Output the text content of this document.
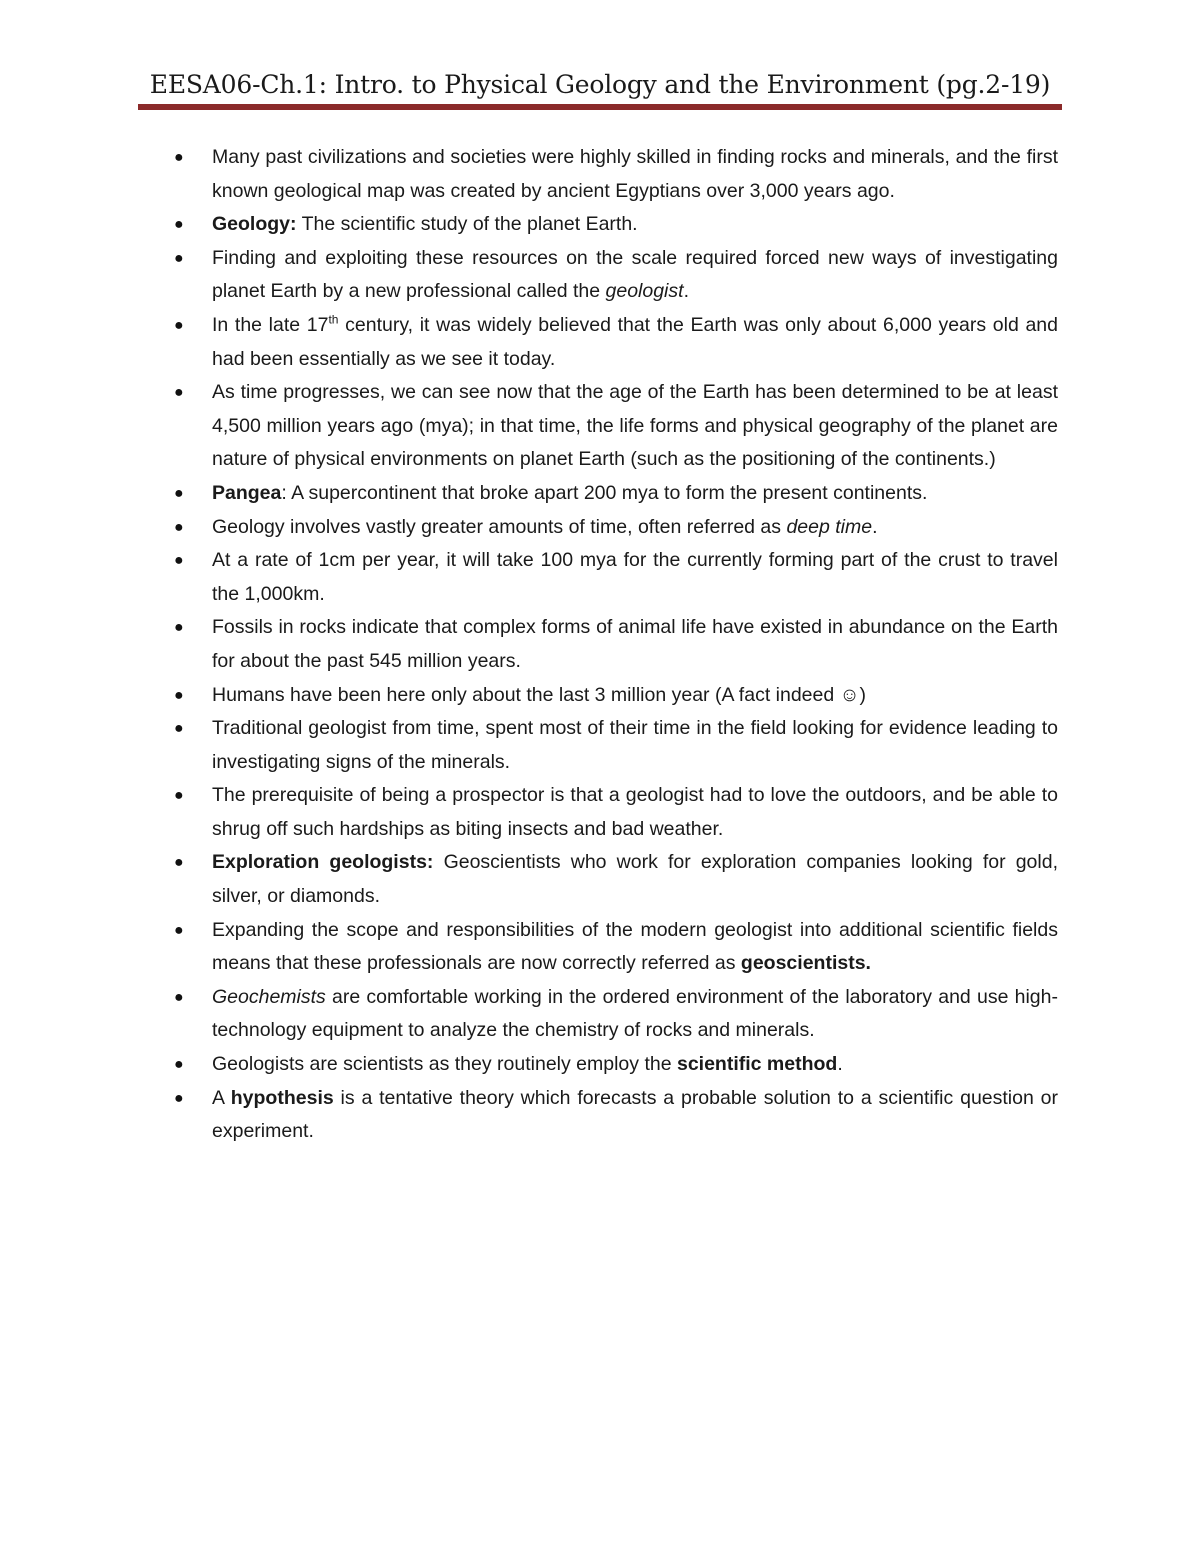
EESA06-Ch.1: Intro. to Physical Geology and the Environment (pg.2-19)
● Many past civilizations and societies were highly skilled in finding rocks and minerals, and the first known geological map was created by ancient Egyptians over 3,000 years ago.
● Geology: The scientific study of the planet Earth.
● Finding and exploiting these resources on the scale required forced new ways of investigating planet Earth by a new professional called the geologist.
● In the late 17th century, it was widely believed that the Earth was only about 6,000 years old and had been essentially as we see it today.
● As time progresses, we can see now that the age of the Earth has been determined to be at least 4,500 million years ago (mya); in that time, the life forms and physical geography of the planet are nature of physical environments on planet Earth (such as the positioning of the continents.)
● Pangea: A supercontinent that broke apart 200 mya to form the present continents.
● Geology involves vastly greater amounts of time, often referred as deep time.
● At a rate of 1cm per year, it will take 100 mya for the currently forming part of the crust to travel the 1,000km.
● Fossils in rocks indicate that complex forms of animal life have existed in abundance on the Earth for about the past 545 million years.
● Humans have been here only about the last 3 million year (A fact indeed ☺)
● Traditional geologist from time, spent most of their time in the field looking for evidence leading to investigating signs of the minerals.
● The prerequisite of being a prospector is that a geologist had to love the outdoors, and be able to shrug off such hardships as biting insects and bad weather.
● Exploration geologists: Geoscientists who work for exploration companies looking for gold, silver, or diamonds.
● Expanding the scope and responsibilities of the modern geologist into additional scientific fields means that these professionals are now correctly referred as geoscientists.
● Geochemists are comfortable working in the ordered environment of the laboratory and use high-technology equipment to analyze the chemistry of rocks and minerals.
● Geologists are scientists as they routinely employ the scientific method.
● A hypothesis is a tentative theory which forecasts a probable solution to a scientific question or experiment.
